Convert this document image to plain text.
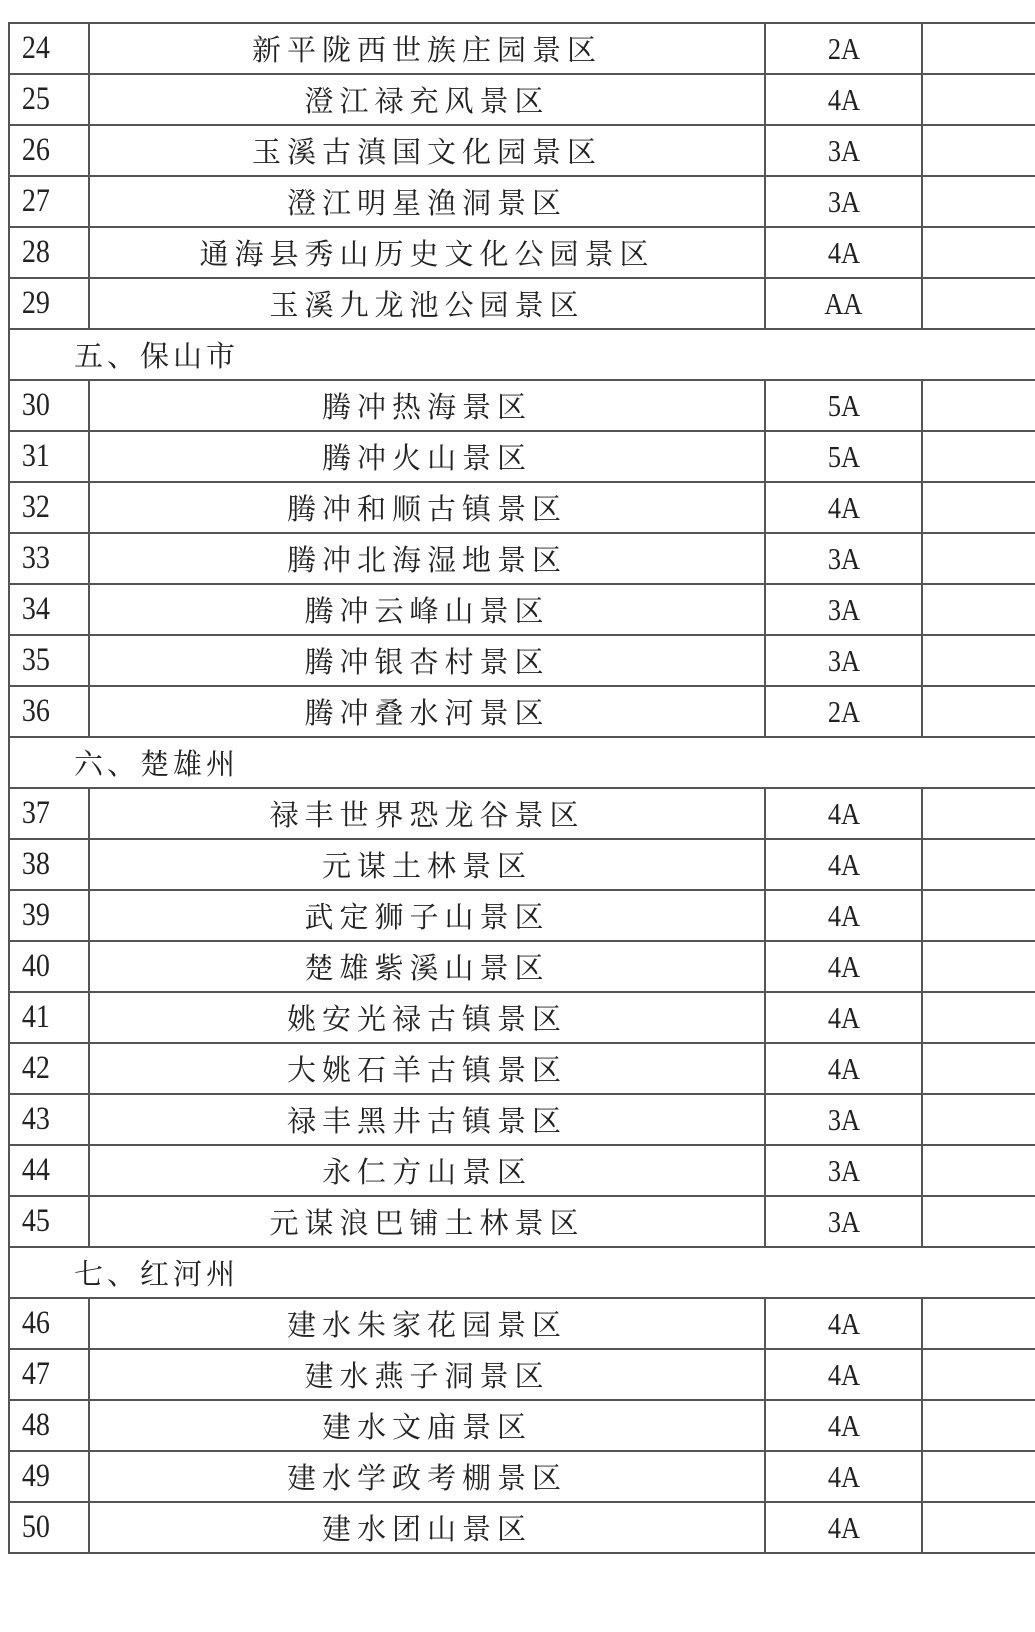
24	新平陇西世族庄园景区	2A	
25	澄江禄充风景区	4A	
26	玉溪古滇国文化园景区	3A	
27	澄江明星渔洞景区	3A	
28	通海县秀山历史文化公园景区	4A	
29	玉溪九龙池公园景区	AA	
五、保山市			
30	腾冲热海景区	5A	
31	腾冲火山景区	5A	
32	腾冲和顺古镇景区	4A	
33	腾冲北海湿地景区	3A	
34	腾冲云峰山景区	3A	
35	腾冲银杏村景区	3A	
36	腾冲叠水河景区	2A	
六、楚雄州			
37	禄丰世界恐龙谷景区	4A	
38	元谋土林景区	4A	
39	武定狮子山景区	4A	
40	楚雄紫溪山景区	4A	
41	姚安光禄古镇景区	4A	
42	大姚石羊古镇景区	4A	
43	禄丰黑井古镇景区	3A	
44	永仁方山景区	3A	
45	元谋浪巴铺土林景区	3A	
七、红河州			
46	建水朱家花园景区	4A	
47	建水燕子洞景区	4A	
48	建水文庙景区	4A	
49	建水学政考棚景区	4A	
50	建水团山景区	4A	
